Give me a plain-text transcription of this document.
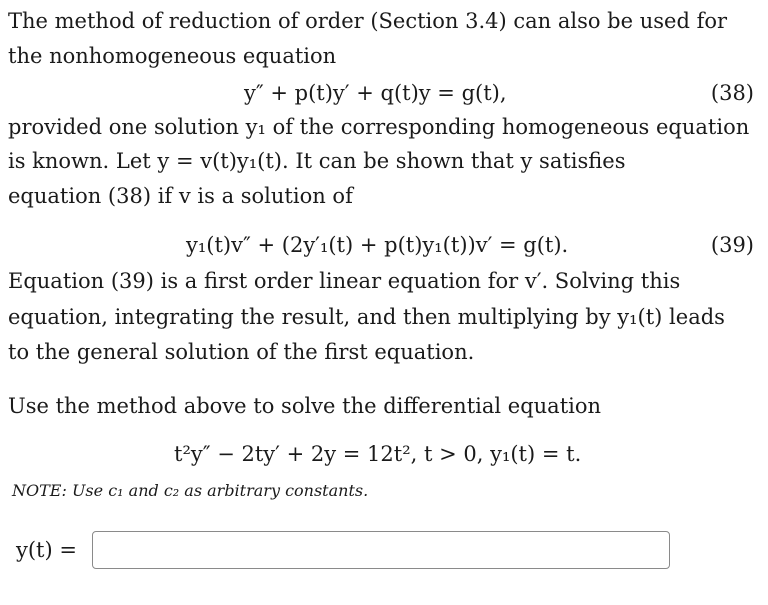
The method of reduction of order (Section 3.4) can also be used for
the nonhomogeneous equation
y″ + p(t)y′ + q(t)y = g(t),	(38)
provided one solution y₁ of the corresponding homogeneous equation
is known. Let y = v(t)y₁(t). It can be shown that y satisfies
equation (38) if v is a solution of
y₁(t)v″ + (2y′₁(t) + p(t)y₁(t))v′ = g(t).	(39)
Equation (39) is a first order linear equation for v′. Solving this
equation, integrating the result, and then multiplying by y₁(t) leads
to the general solution of the first equation.
Use the method above to solve the differential equation
t²y″ − 2ty′ + 2y = 12t², t > 0, y₁(t) = t.
NOTE: Use c₁ and c₂ as arbitrary constants.
y(t) =
